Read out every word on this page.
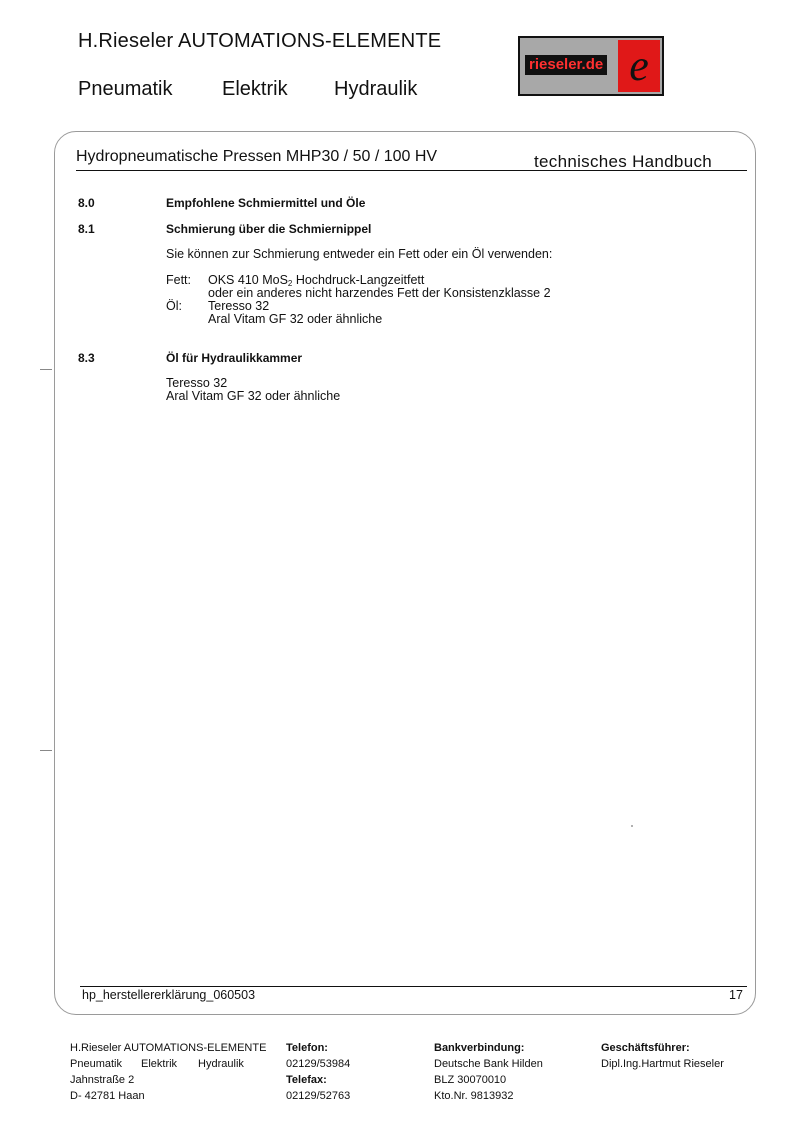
H.Rieseler AUTOMATIONS-ELEMENTE
Pneumatik Elektrik Hydraulik
rieseler.de e
Hydropneumatische Pressen MHP30 / 50 / 100 HV	technisches Handbuch
8.0	Empfohlene Schmiermittel und Öle
8.1	Schmierung über die Schmiernippel
Sie können zur Schmierung entweder ein Fett oder ein Öl verwenden:
Fett: OKS 410 MoS$_2$ Hochdruck-Langzeitfett
oder ein anderes nicht harzendes Fett der Konsistenzklasse 2
Öl: Teresso 32
Aral Vitam GF 32 oder ähnliche
8.3	Öl für Hydraulikkammer
Teresso 32
Aral Vitam GF 32 oder ähnliche
hp_herstellererklärung_060503	17
H.Rieseler AUTOMATIONS-ELEMENTE
Pneumatik Elektrik Hydraulik
Jahnstraße 2
D- 42781 Haan
Telefon:
02129/53984
Telefax:
02129/52763
Bankverbindung:
Deutsche Bank Hilden
BLZ 30070010
Kto.Nr. 9813932
Geschäftsführer:
Dipl.Ing.Hartmut Rieseler
